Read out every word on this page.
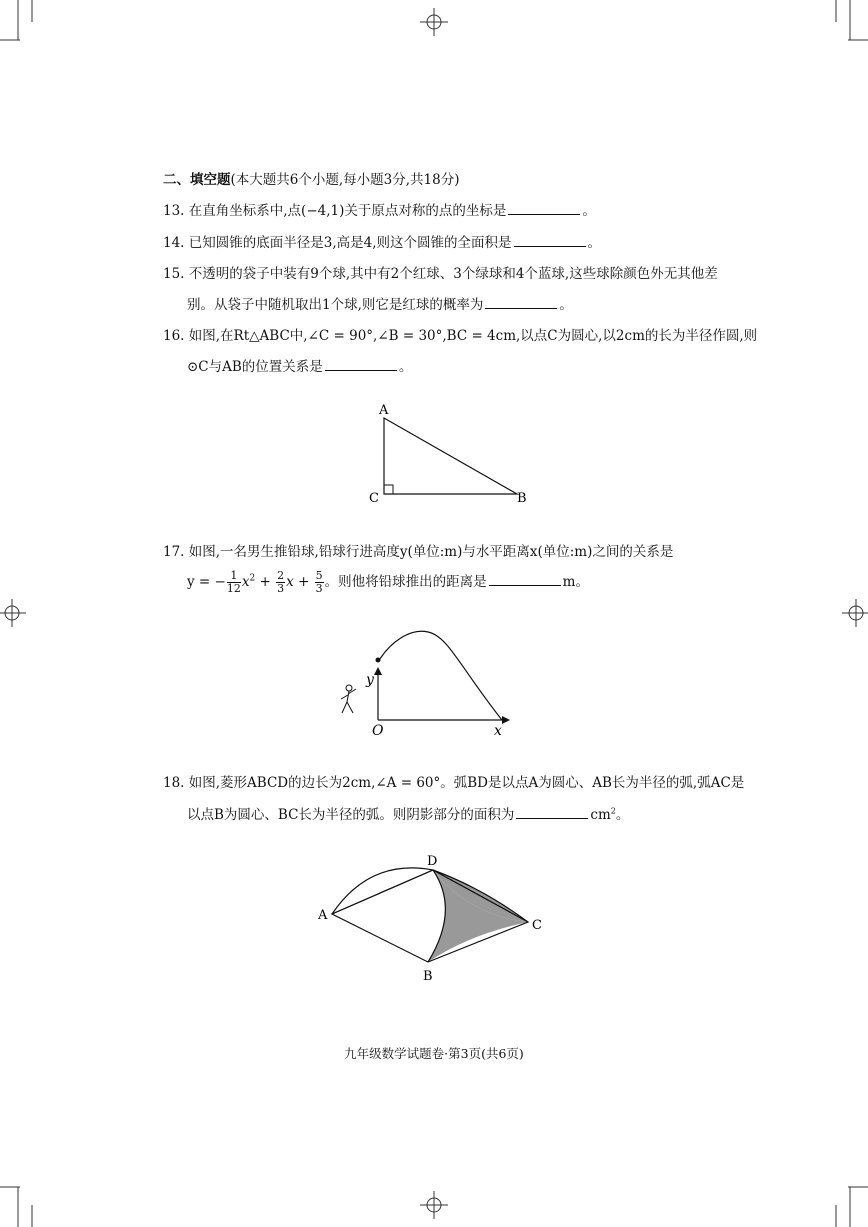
二、填空题(本大题共6个小题,每小题3分,共18分)
13. 在直角坐标系中,点(−4,1)关于原点对称的点的坐标是	。
14. 已知圆锥的底面半径是3,高是4,则这个圆锥的全面积是	。
15. 不透明的袋子中装有9个球,其中有2个红球、3个绿球和4个蓝球,这些球除颜色外无其他差
别。从袋子中随机取出1个球,则它是红球的概率为	。
16. 如图,在Rt△ABC中,∠C = 90°,∠B = 30°,BC = 4cm,以点C为圆心,以2cm的长为半径作圆,则
⊙C与AB的位置关系是	。
A
C	B
17. 如图,一名男生推铅球,铅球行进高度y(单位:m)与水平距离x(单位:m)之间的关系是
y = − $\frac{1}{12} x^2 + \frac{2}{3}$ $x + \frac{5}{3}$ 。则他将铅球推出的距离是	m。
y
O	x
18. 如图,菱形ABCD的边长为2cm,∠A = 60°。弧BD是以点A为圆心、AB长为半径的弧,弧AC是
以点B为圆心、BC长为半径的弧。则阴影部分的面积为	$cm^2$。
D
A
C
B
九年级数学试题卷·第3页(共6页)
